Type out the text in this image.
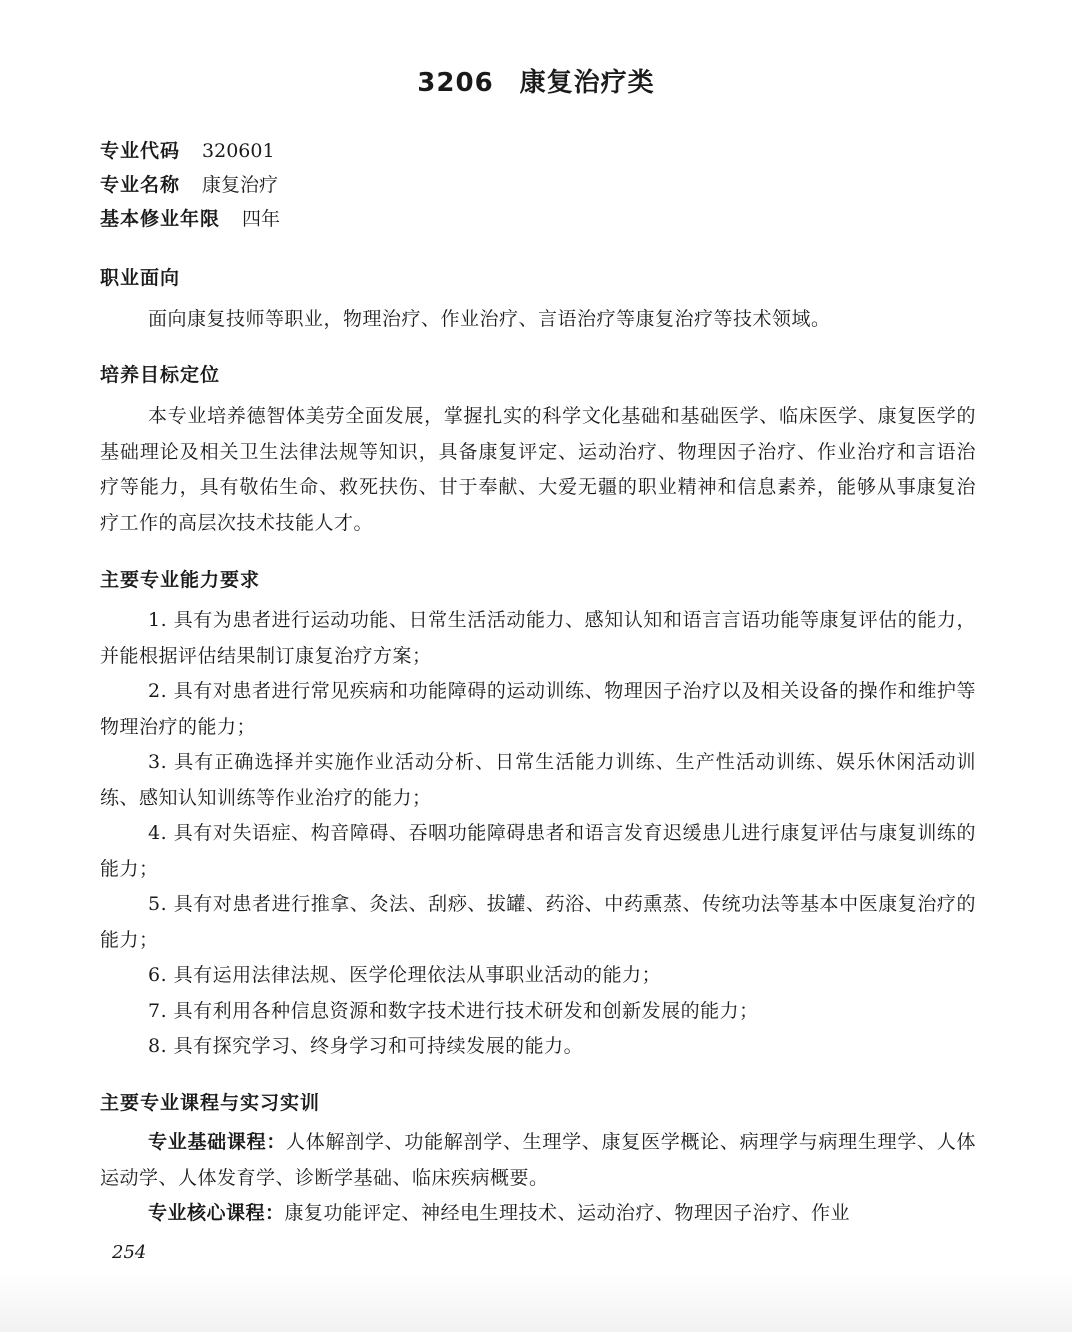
3206 康复治疗类
专业代码 320601
专业名称 康复治疗
基本修业年限 四年
职业面向
面向康复技师等职业，物理治疗、作业治疗、言语治疗等康复治疗等技术领域。
培养目标定位
本专业培养德智体美劳全面发展，掌握扎实的科学文化基础和基础医学、临床医学、康复医学的基础理论及相关卫生法律法规等知识，具备康复评定、运动治疗、物理因子治疗、作业治疗和言语治疗等能力，具有敬佑生命、救死扶伤、甘于奉献、大爱无疆的职业精神和信息素养，能够从事康复治疗工作的高层次技术技能人才。
主要专业能力要求
1. 具有为患者进行运动功能、日常生活活动能力、感知认知和语言言语功能等康复评估的能力，并能根据评估结果制订康复治疗方案；
2. 具有对患者进行常见疾病和功能障碍的运动训练、物理因子治疗以及相关设备的操作和维护等物理治疗的能力；
3. 具有正确选择并实施作业活动分析、日常生活能力训练、生产性活动训练、娱乐休闲活动训练、感知认知训练等作业治疗的能力；
4. 具有对失语症、构音障碍、吞咽功能障碍患者和语言发育迟缓患儿进行康复评估与康复训练的能力；
5. 具有对患者进行推拿、灸法、刮痧、拔罐、药浴、中药熏蒸、传统功法等基本中医康复治疗的能力；
6. 具有运用法律法规、医学伦理依法从事职业活动的能力；
7. 具有利用各种信息资源和数字技术进行技术研发和创新发展的能力；
8. 具有探究学习、终身学习和可持续发展的能力。
主要专业课程与实习实训
专业基础课程：人体解剖学、功能解剖学、生理学、康复医学概论、病理学与病理生理学、人体运动学、人体发育学、诊断学基础、临床疾病概要。
专业核心课程：康复功能评定、神经电生理技术、运动治疗、物理因子治疗、作业
254
